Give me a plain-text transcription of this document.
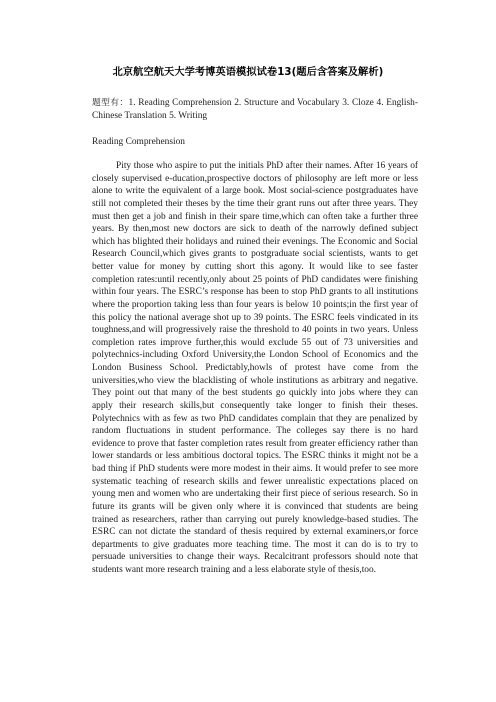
北京航空航天大学考博英语模拟试卷13(题后含答案及解析)
题型有：1. Reading Comprehension 2. Structure and Vocabulary 3. Cloze 4. English-Chinese Translation 5. Writing
Reading Comprehension

Pity those who aspire to put the initials PhD after their names. After 16 years of closely supervised e-ducation,prospective doctors of philosophy are left more or less alone to write the equivalent of a large book. Most social-science postgraduates have still not completed their theses by the time their grant runs out after three years. They must then get a job and finish in their spare time,which can often take a further three years. By then,most new doctors are sick to death of the narrowly defined subject which has blighted their holidays and ruined their evenings. The Economic and Social Research Council,which gives grants to postgraduate social scientists, wants to get better value for money by cutting short this agony. It would like to see faster completion rates:until recently,only about 25 points of PhD candidates were finishing within four years. The ESRC’s response has been to stop PhD grants to all institutions where the proportion taking less than four years is below 10 points;in the first year of this policy the national average shot up to 39 points. The ESRC feels vindicated in its toughness,and will progressively raise the threshold to 40 points in two years. Unless completion rates improve further,this would exclude 55 out of 73 universities and polytechnics-including Oxford University,the London School of Economics and the London Business School. Predictably,howls of protest have come from the universities,who view the blacklisting of whole institutions as arbitrary and negative. They point out that many of the best students go quickly into jobs where they can apply their research skills,but consequently take longer to finish their theses. Polytechnics with as few as two PhD candidates complain that they are penalized by random fluctuations in student performance. The colleges say there is no hard evidence to prove that faster completion rates result from greater efficiency rather than lower standards or less ambitious doctoral topics. The ESRC thinks it might not be a bad thing if PhD students were more modest in their aims. It would prefer to see more systematic teaching of research skills and fewer unrealistic expectations placed on young men and women who are undertaking their first piece of serious research. So in future its grants will be given only where it is convinced that students are being trained as researchers, rather than carrying out purely knowledge-based studies. The ESRC can not dictate the standard of thesis required by external examiners,or force departments to give graduates more teaching time. The most it can do is to try to persuade universities to change their ways. Recalcitrant professors should note that students want more research training and a less elaborate style of thesis,too.
